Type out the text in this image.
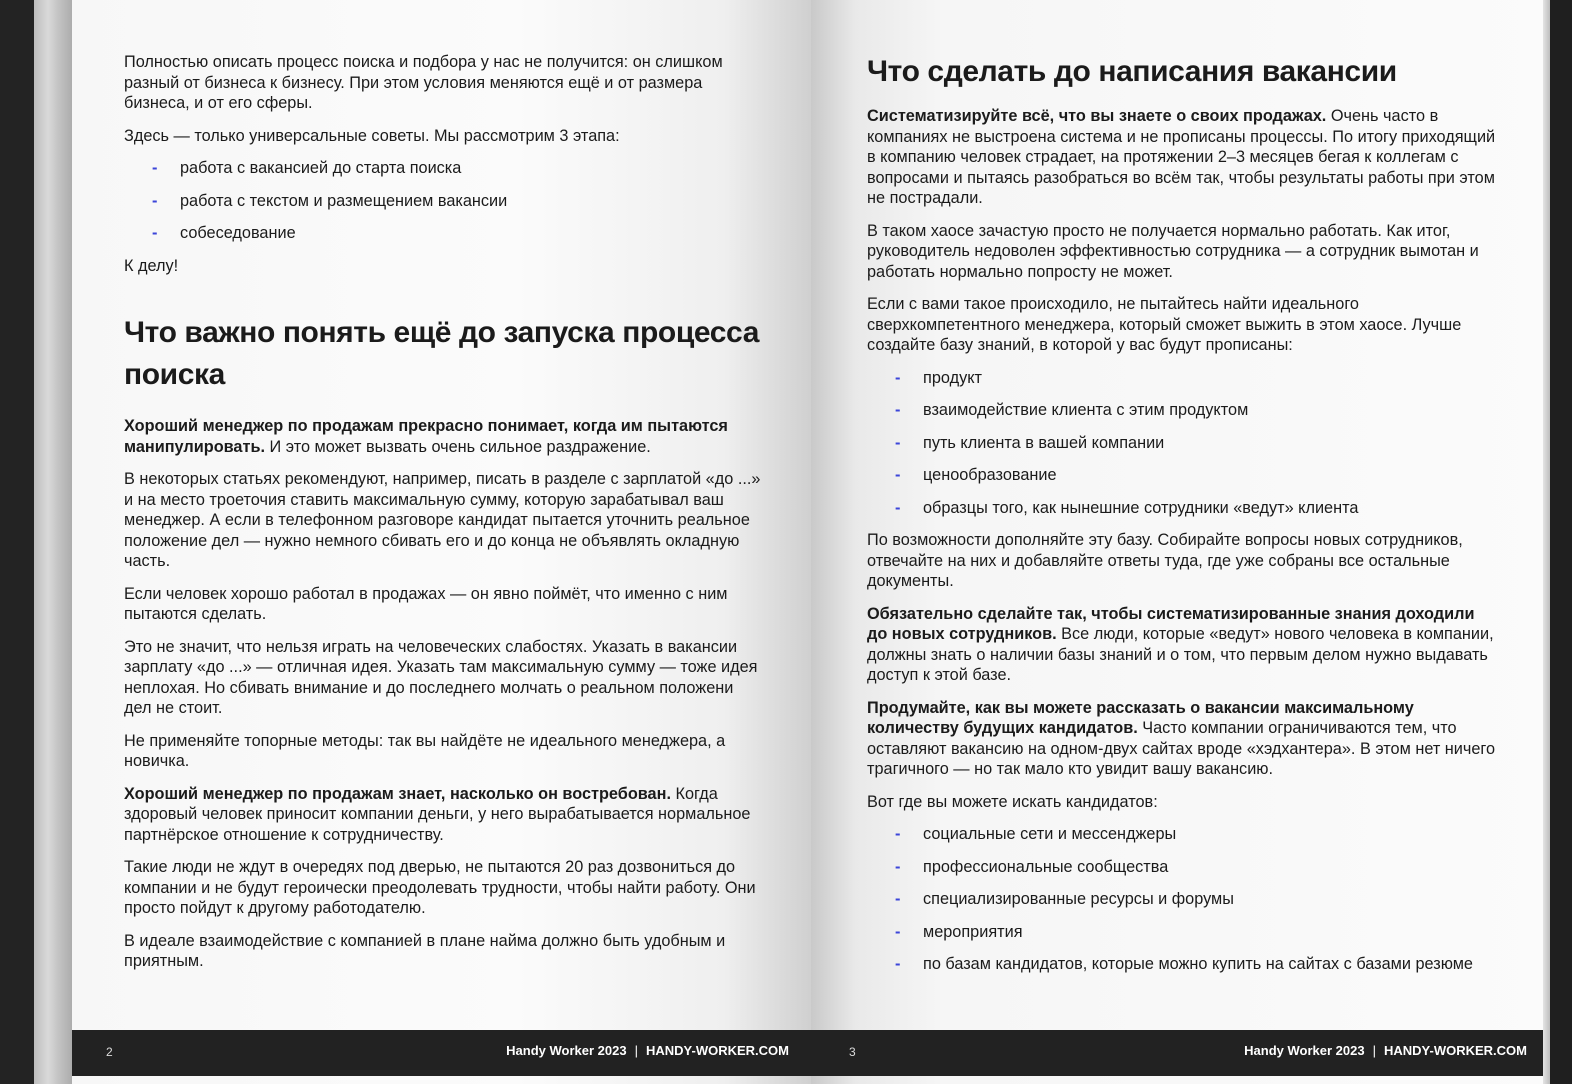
Полностью описать процесс поиска и подбора у нас не получится: он слишком разный от бизнеса к бизнесу. При этом условия меняются ещё и от размера бизнеса, и от его сферы.

Здесь — только универсальные советы. Мы рассмотрим 3 этапа:

- работа с вакансией до старта поиска
- работа с текстом и размещением вакансии
- собеседование

К делу!

Что важно понять ещё до запуска процесса поиска

Хороший менеджер по продажам прекрасно понимает, когда им пытаются манипулировать. И это может вызвать очень сильное раздражение.

В некоторых статьях рекомендуют, например, писать в разделе с зарплатой «до ...» и на место троеточия ставить максимальную сумму, которую зарабатывал ваш менеджер. А если в телефонном разговоре кандидат пытается уточнить реальное положение дел — нужно немного сбивать его и до конца не объявлять окладную часть.

Если человек хорошо работал в продажах — он явно поймёт, что именно с ним пытаются сделать.

Это не значит, что нельзя играть на человеческих слабостях. Указать в вакансии зарплату «до ...» — отличная идея. Указать там максимальную сумму — тоже идея неплохая. Но сбивать внимание и до последнего молчать о реальном положени дел не стоит.

Не применяйте топорные методы: так вы найдёте не идеального менеджера, а новичка.

Хороший менеджер по продажам знает, насколько он востребован. Когда здоровый человек приносит компании деньги, у него вырабатывается нормальное партнёрское отношение к сотрудничеству.

Такие люди не ждут в очередях под дверью, не пытаются 20 раз дозвониться до компании и не будут героически преодолевать трудности, чтобы найти работу. Они просто пойдут к другому работодателю.

В идеале взаимодействие с компанией в плане найма должно быть удобным и приятным.

2	Handy Worker 2023 | HANDY-WORKER.COM
Что сделать до написания вакансии

Систематизируйте всё, что вы знаете о своих продажах. Очень часто в компаниях не выстроена система и не прописаны процессы. По итогу приходящий в компанию человек страдает, на протяжении 2–3 месяцев бегая к коллегам с вопросами и пытаясь разобраться во всём так, чтобы результаты работы при этом не пострадали.

В таком хаосе зачастую просто не получается нормально работать. Как итог, руководитель недоволен эффективностью сотрудника — а сотрудник вымотан и работать нормально попросту не может.

Если с вами такое происходило, не пытайтесь найти идеального сверхкомпетентного менеджера, который сможет выжить в этом хаосе. Лучше создайте базу знаний, в которой у вас будут прописаны:

- продукт
- взаимодействие клиента с этим продуктом
- путь клиента в вашей компании
- ценообразование
- образцы того, как нынешние сотрудники «ведут» клиента

По возможности дополняйте эту базу. Собирайте вопросы новых сотрудников, отвечайте на них и добавляйте ответы туда, где уже собраны все остальные документы.

Обязательно сделайте так, чтобы систематизированные знания доходили до новых сотрудников. Все люди, которые «ведут» нового человека в компании, должны знать о наличии базы знаний и о том, что первым делом нужно выдавать доступ к этой базе.

Продумайте, как вы можете рассказать о вакансии максимальному количеству будущих кандидатов. Часто компании ограничиваются тем, что оставляют вакансию на одном-двух сайтах вроде «хэдхантера». В этом нет ничего трагичного — но так мало кто увидит вашу вакансию.

Вот где вы можете искать кандидатов:

- социальные сети и мессенджеры
- профессиональные сообщества
- специализированные ресурсы и форумы
- мероприятия
- по базам кандидатов, которые можно купить на сайтах с базами резюме
3	Handy Worker 2023 | HANDY-WORKER.COM
